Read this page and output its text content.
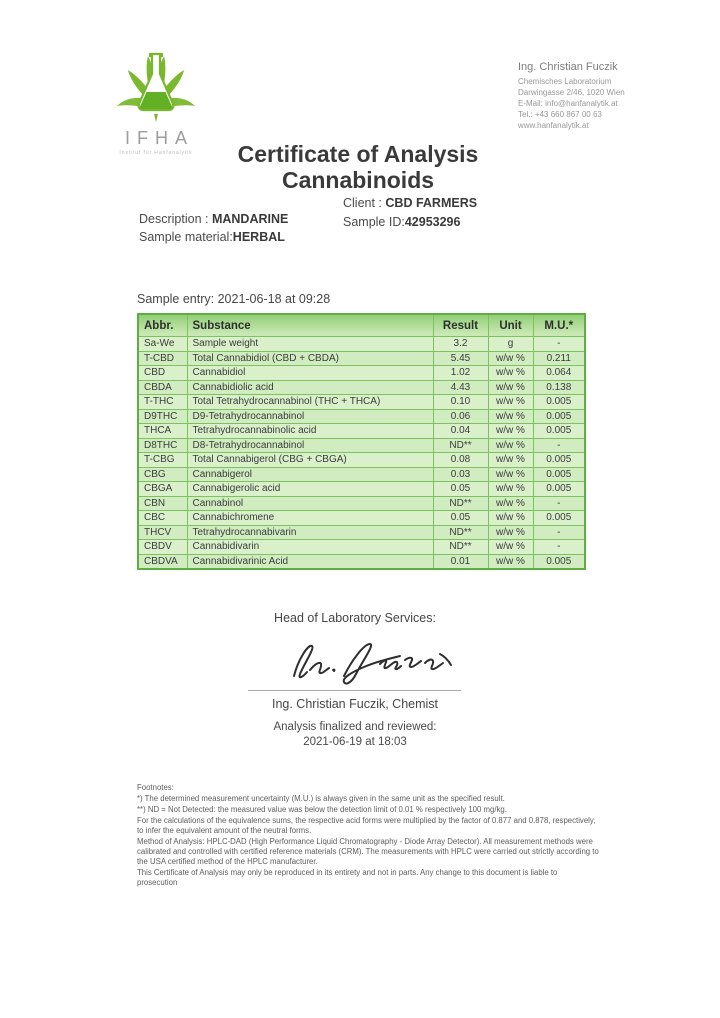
IFHA
Institut für Hanfanalytik
Ing. Christian Fuczik
Chemisches Laboratorium
Darwingasse 2/46, 1020 Wien
E-Mail: info@hanfanalytik.at
Tel.: +43 660 867 00 63
www.hanfanalytik.at
Certificate of Analysis
Cannabinoids
Client : CBD FARMERS
Sample ID:42953296
Description : MANDARINE
Sample material:HERBAL
Sample entry: 2021-06-18 at 09:28
Abbr.	Substance	Result	Unit	M.U.*
Sa-We	Sample weight	3.2	g	-
T-CBD	Total Cannabidiol (CBD + CBDA)	5.45	w/w %	0.211
CBD	Cannabidiol	1.02	w/w %	0.064
CBDA	Cannabidiolic acid	4.43	w/w %	0.138
T-THC	Total Tetrahydrocannabinol (THC + THCA)	0.10	w/w %	0.005
D9THC	D9-Tetrahydrocannabinol	0.06	w/w %	0.005
THCA	Tetrahydrocannabinolic acid	0.04	w/w %	0.005
D8THC	D8-Tetrahydrocannabinol	ND**	w/w %	-
T-CBG	Total Cannabigerol (CBG + CBGA)	0.08	w/w %	0.005
CBG	Cannabigerol	0.03	w/w %	0.005
CBGA	Cannabigerolic acid	0.05	w/w %	0.005
CBN	Cannabinol	ND**	w/w %	-
CBC	Cannabichromene	0.05	w/w %	0.005
THCV	Tetrahydrocannabivarin	ND**	w/w %	-
CBDV	Cannabidivarin	ND**	w/w %	-
CBDVA	Cannabidivarinic Acid	0.01	w/w %	0.005
Head of Laboratory Services:
Ing. Christian Fuczik, Chemist
Analysis finalized and reviewed:
2021-06-19 at 18:03
Footnotes:
*) The determined measurement uncertainty (M.U.) is always given in the same unit as the specified result.
**) ND = Not Detected: the measured value was below the detection limit of 0.01 % respectively 100 mg/kg.
For the calculations of the equivalence sums, the respective acid forms were multiplied by the factor of 0.877 and 0.878, respectively, to infer the equivalent amount of the neutral forms.
Method of Analysis: HPLC-DAD (High Performance Liquid Chromatography - Diode Array Detector). All measurement methods were calibrated and controlled with certified reference materials (CRM). The measurements with HPLC were carried out strictly according to the USA certified method of the HPLC manufacturer.
This Certificate of Analysis may only be reproduced in its entirety and not in parts. Any change to this document is liable to prosecution
